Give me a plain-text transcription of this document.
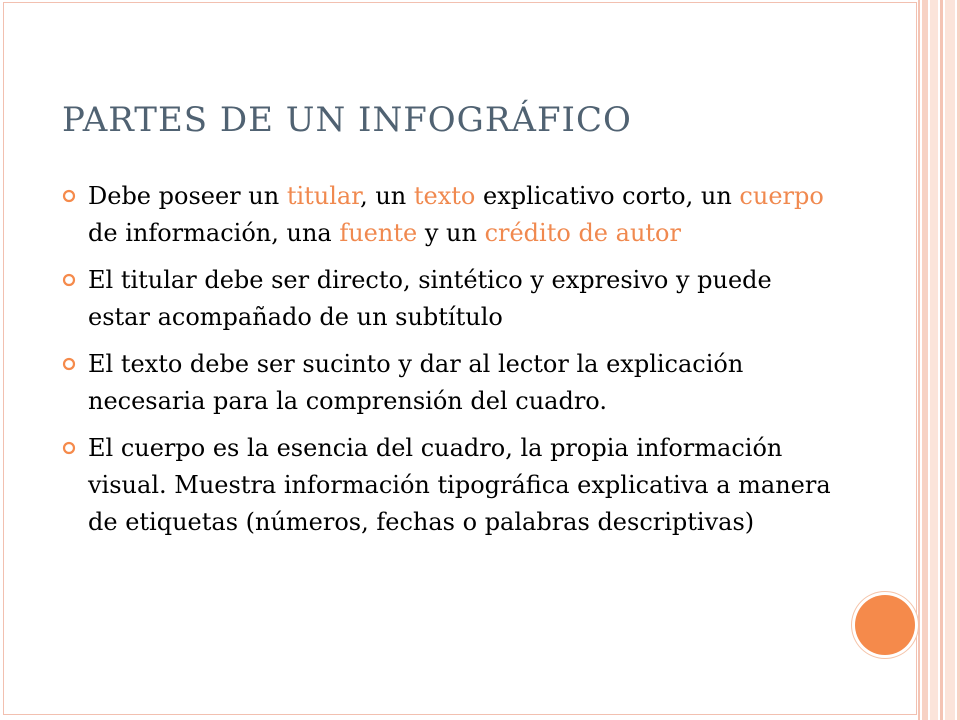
PARTES DE UN INFOGRÁFICO
Debe poseer un titular, un texto explicativo corto, un cuerpo de información, una fuente y un crédito de autor
El titular debe ser directo, sintético y expresivo y puede estar acompañado de un subtítulo
El texto debe ser sucinto y dar al lector la explicación necesaria para la comprensión del cuadro.
El cuerpo es la esencia del cuadro, la propia información visual. Muestra información tipográfica explicativa a manera de etiquetas (números, fechas o palabras descriptivas)
